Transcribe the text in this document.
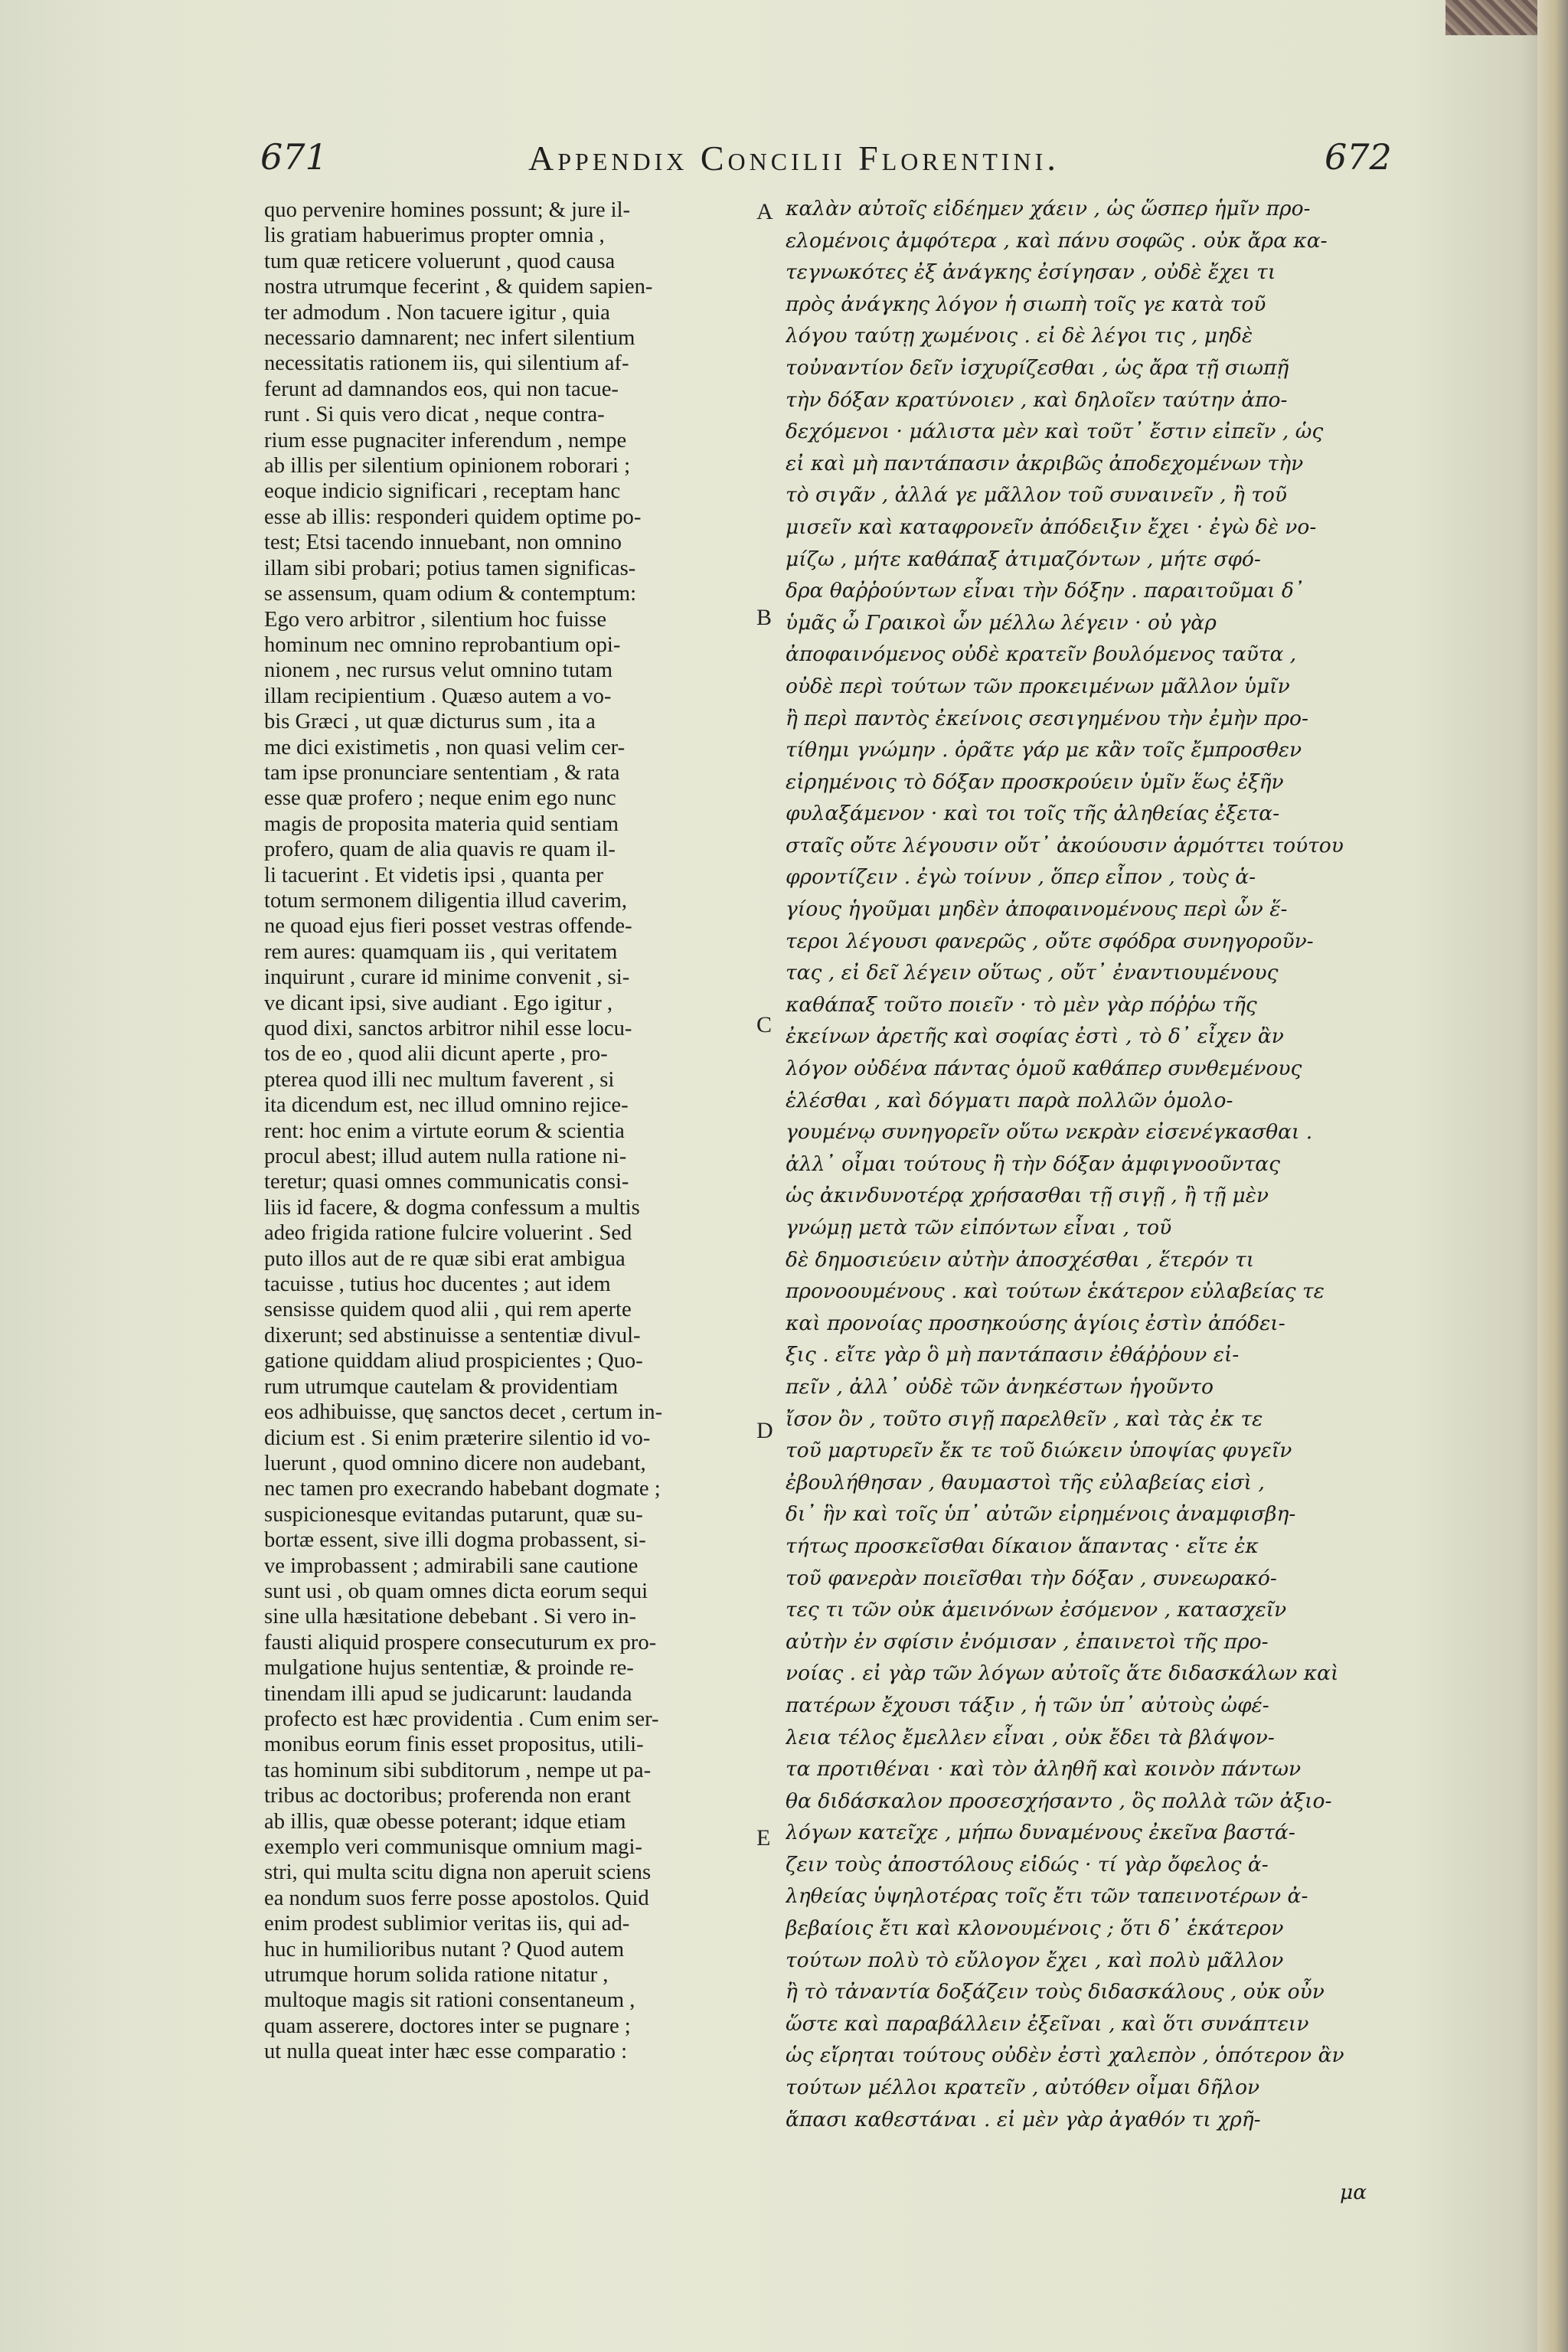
671	Appendix Concilii Florentini.	672
quo pervenire homines possunt; & jure il-
lis gratiam habuerimus propter omnia ,
tum quæ reticere voluerunt , quod causa
nostra utrumque fecerint , & quidem sapien-
ter admodum . Non tacuere igitur , quia
necessario damnarent; nec infert silentium
necessitatis rationem iis, qui silentium af-
ferunt ad damnandos eos, qui non tacue-
runt . Si quis vero dicat , neque contra-
rium esse pugnaciter inferendum , nempe
ab illis per silentium opinionem roborari ;
eoque indicio significari , receptam hanc
esse ab illis: responderi quidem optime po-
test; Etsi tacendo innuebant, non omnino
illam sibi probari; potius tamen significas-
se assensum, quam odium & contemptum:
Ego vero arbitror , silentium hoc fuisse
hominum nec omnino reprobantium opi-
nionem , nec rursus velut omnino tutam
illam recipientium . Quæso autem a vo-
bis Græci , ut quæ dicturus sum , ita a
me dici existimetis , non quasi velim cer-
tam ipse pronunciare sententiam , & rata
esse quæ profero ; neque enim ego nunc
magis de proposita materia quid sentiam
profero, quam de alia quavis re quam il-
li tacuerint . Et videtis ipsi , quanta per
totum sermonem diligentia illud caverim,
ne quoad ejus fieri posset vestras offende-
rem aures: quamquam iis , qui veritatem
inquirunt , curare id minime convenit , si-
ve dicant ipsi, sive audiant . Ego igitur ,
quod dixi, sanctos arbitror nihil esse locu-
tos de eo , quod alii dicunt aperte , pro-
pterea quod illi nec multum faverent , si
ita dicendum est, nec illud omnino rejice-
rent: hoc enim a virtute eorum & scientia
procul abest; illud autem nulla ratione ni-
teretur; quasi omnes communicatis consi-
liis id facere, & dogma confessum a multis
adeo frigida ratione fulcire voluerint . Sed
puto illos aut de re quæ sibi erat ambigua
tacuisse , tutius hoc ducentes ; aut idem
sensisse quidem quod alii , qui rem aperte
dixerunt; sed abstinuisse a sententiæ divul-
gatione quiddam aliud prospicientes ; Quo-
rum utrumque cautelam & providentiam
eos adhibuisse, quę sanctos decet , certum in-
dicium est . Si enim præterire silentio id vo-
luerunt , quod omnino dicere non audebant,
nec tamen pro execrando habebant dogmate ;
suspicionesque evitandas putarunt, quæ su-
bortæ essent, sive illi dogma probassent, si-
ve improbassent ; admirabili sane cautione
sunt usi , ob quam omnes dicta eorum sequi
sine ulla hæsitatione debebant . Si vero in-
fausti aliquid prospere consecuturum ex pro-
mulgatione hujus sententiæ, & proinde re-
tinendam illi apud se judicarunt: laudanda
profecto est hæc providentia . Cum enim ser-
monibus eorum finis esset propositus, utili-
tas hominum sibi subditorum , nempe ut pa-
tribus ac doctoribus; proferenda non erant
ab illis, quæ obesse poterant; idque etiam
exemplo veri communisque omnium magi-
stri, qui multa scitu digna non aperuit sciens
ea nondum suos ferre posse apostolos. Quid
enim prodest sublimior veritas iis, qui ad-
huc in humilioribus nutant ? Quod autem
utrumque horum solida ratione nitatur ,
multoque magis sit rationi consentaneum ,
quam asserere, doctores inter se pugnare ;
ut nulla queat inter hæc esse comparatio :
A
B
C
D
E
καλὰν αὐτοῖς εἰδέημεν χάειν , ὡς ὥσπερ ἡμῖν προ-
ελομένοις ἀμφότερα , καὶ πάνυ σοφῶς . οὐκ ἄρα κα-
τεγνωκότες ἐξ ἀνάγκης ἐσίγησαν , οὐδὲ ἔχει τι
πρὸς ἀνάγκης λόγον ἡ σιωπὴ τοῖς γε κατὰ τοῦ
λόγου ταύτῃ χωμένοις . εἰ δὲ λέγοι τις , μηδὲ
τοὐναντίον δεῖν ἰσχυρίζεσθαι , ὡς ἄρα τῇ σιωπῇ
τὴν δόξαν κρατύνοιεν , καὶ δηλοῖεν ταύτην ἀπο-
δεχόμενοι · μάλιστα μὲν καὶ τοῦτ᾽ ἔστιν εἰπεῖν , ὡς
εἰ καὶ μὴ παντάπασιν ἀκριβῶς ἀποδεχομένων τὴν
τὸ σιγᾶν , ἀλλά γε μᾶλλον τοῦ συναινεῖν , ἢ τοῦ
μισεῖν καὶ καταφρονεῖν ἀπόδειξιν ἔχει · ἐγὼ δὲ νο-
μίζω , μήτε καθάπαξ ἀτιμαζόντων , μήτε σφό-
δρα θαῤῥούντων εἶναι τὴν δόξην . παραιτοῦμαι δ᾽
ὑμᾶς ὦ Γραικοὶ ὧν μέλλω λέγειν · οὐ γὰρ
ἀποφαινόμενος οὐδὲ κρατεῖν βουλόμενος ταῦτα ,
οὐδὲ περὶ τούτων τῶν προκειμένων μᾶλλον ὑμῖν
ἢ περὶ παντὸς ἐκείνοις σεσιγημένου τὴν ἐμὴν προ-
τίθημι γνώμην . ὁρᾶτε γάρ με κἂν τοῖς ἔμπροσθεν
εἰρημένοις τὸ δόξαν προσκρούειν ὑμῖν ἕως ἐξῆν
φυλαξάμενον · καὶ τοι τοῖς τῆς ἀληθείας ἐξετα-
σταῖς οὔτε λέγουσιν οὔτ᾽ ἀκούουσιν ἁρμόττει τούτου
φροντίζειν . ἐγὼ τοίνυν , ὅπερ εἶπον , τοὺς ἁ-
γίους ἡγοῦμαι μηδὲν ἀποφαινομένους περὶ ὧν ἕ-
τεροι λέγουσι φανερῶς , οὔτε σφόδρα συνηγοροῦν-
τας , εἰ δεῖ λέγειν οὕτως , οὔτ᾽ ἐναντιουμένους
καθάπαξ τοῦτο ποιεῖν · τὸ μὲν γὰρ πόῤῥω τῆς
ἐκείνων ἀρετῆς καὶ σοφίας ἐστὶ , τὸ δ᾽ εἶχεν ἂν
λόγον οὐδένα πάντας ὁμοῦ καθάπερ συνθεμένους
ἑλέσθαι , καὶ δόγματι παρὰ πολλῶν ὁμολο-
γουμένῳ συνηγορεῖν οὕτω νεκρὰν εἰσενέγκασθαι .
ἀλλ᾽ οἶμαι τούτους ἢ τὴν δόξαν ἀμφιγνοοῦντας
ὡς ἀκινδυνοτέρᾳ χρήσασθαι τῇ σιγῇ , ἢ τῇ μὲν
γνώμῃ μετὰ τῶν εἰπόντων εἶναι , τοῦ
δὲ δημοσιεύειν αὐτὴν ἀποσχέσθαι , ἕτερόν τι
προνοουμένους . καὶ τούτων ἑκάτερον εὐλαβείας τε
καὶ προνοίας προσηκούσης ἁγίοις ἐστὶν ἀπόδει-
ξις . εἴτε γὰρ ὃ μὴ παντάπασιν ἐθάῤῥουν εἰ-
πεῖν , ἀλλ᾽ οὐδὲ τῶν ἀνηκέστων ἡγοῦντο
ἴσον ὂν , τοῦτο σιγῇ παρελθεῖν , καὶ τὰς ἐκ τε
τοῦ μαρτυρεῖν ἔκ τε τοῦ διώκειν ὑποψίας φυγεῖν
ἐβουλήθησαν , θαυμαστοὶ τῆς εὐλαβείας εἰσὶ ,
δι᾽ ἣν καὶ τοῖς ὑπ᾽ αὐτῶν εἰρημένοις ἀναμφισβη-
τήτως προσκεῖσθαι δίκαιον ἅπαντας · εἴτε ἐκ
τοῦ φανερὰν ποιεῖσθαι τὴν δόξαν , συνεωρακό-
τες τι τῶν οὐκ ἀμεινόνων ἐσόμενον , κατασχεῖν
αὐτὴν ἐν σφίσιν ἐνόμισαν , ἐπαινετοὶ τῆς προ-
νοίας . εἰ γὰρ τῶν λόγων αὐτοῖς ἅτε διδασκάλων καὶ
πατέρων ἔχουσι τάξιν , ἡ τῶν ὑπ᾽ αὐτοὺς ὠφέ-
λεια τέλος ἔμελλεν εἶναι , οὐκ ἔδει τὰ βλάψον-
τα προτιθέναι · καὶ τὸν ἀληθῆ καὶ κοινὸν πάντων
θα διδάσκαλον προσεσχήσαντο , ὃς πολλὰ τῶν ἀξιο-
λόγων κατεῖχε , μήπω δυναμένους ἐκεῖνα βαστά-
ζειν τοὺς ἀποστόλους εἰδώς · τί γὰρ ὄφελος ἀ-
ληθείας ὑψηλοτέρας τοῖς ἔτι τῶν ταπεινοτέρων ἀ-
βεβαίοις ἔτι καὶ κλονουμένοις ; ὅτι δ᾽ ἑκάτερον
τούτων πολὺ τὸ εὔλογον ἔχει , καὶ πολὺ μᾶλλον
ἢ τὸ τἀναντία δοξάζειν τοὺς διδασκάλους , οὐκ οὖν
ὥστε καὶ παραβάλλειν ἐξεῖναι , καὶ ὅτι συνάπτειν
ὡς εἴρηται τούτους οὐδὲν ἐστὶ χαλεπὸν , ὁπότερον ἂν
τούτων μέλλοι κρατεῖν , αὐτόθεν οἶμαι δῆλον
ἅπασι καθεστάναι . εἰ μὲν γὰρ ἀγαθόν τι χρῆ-
μα
